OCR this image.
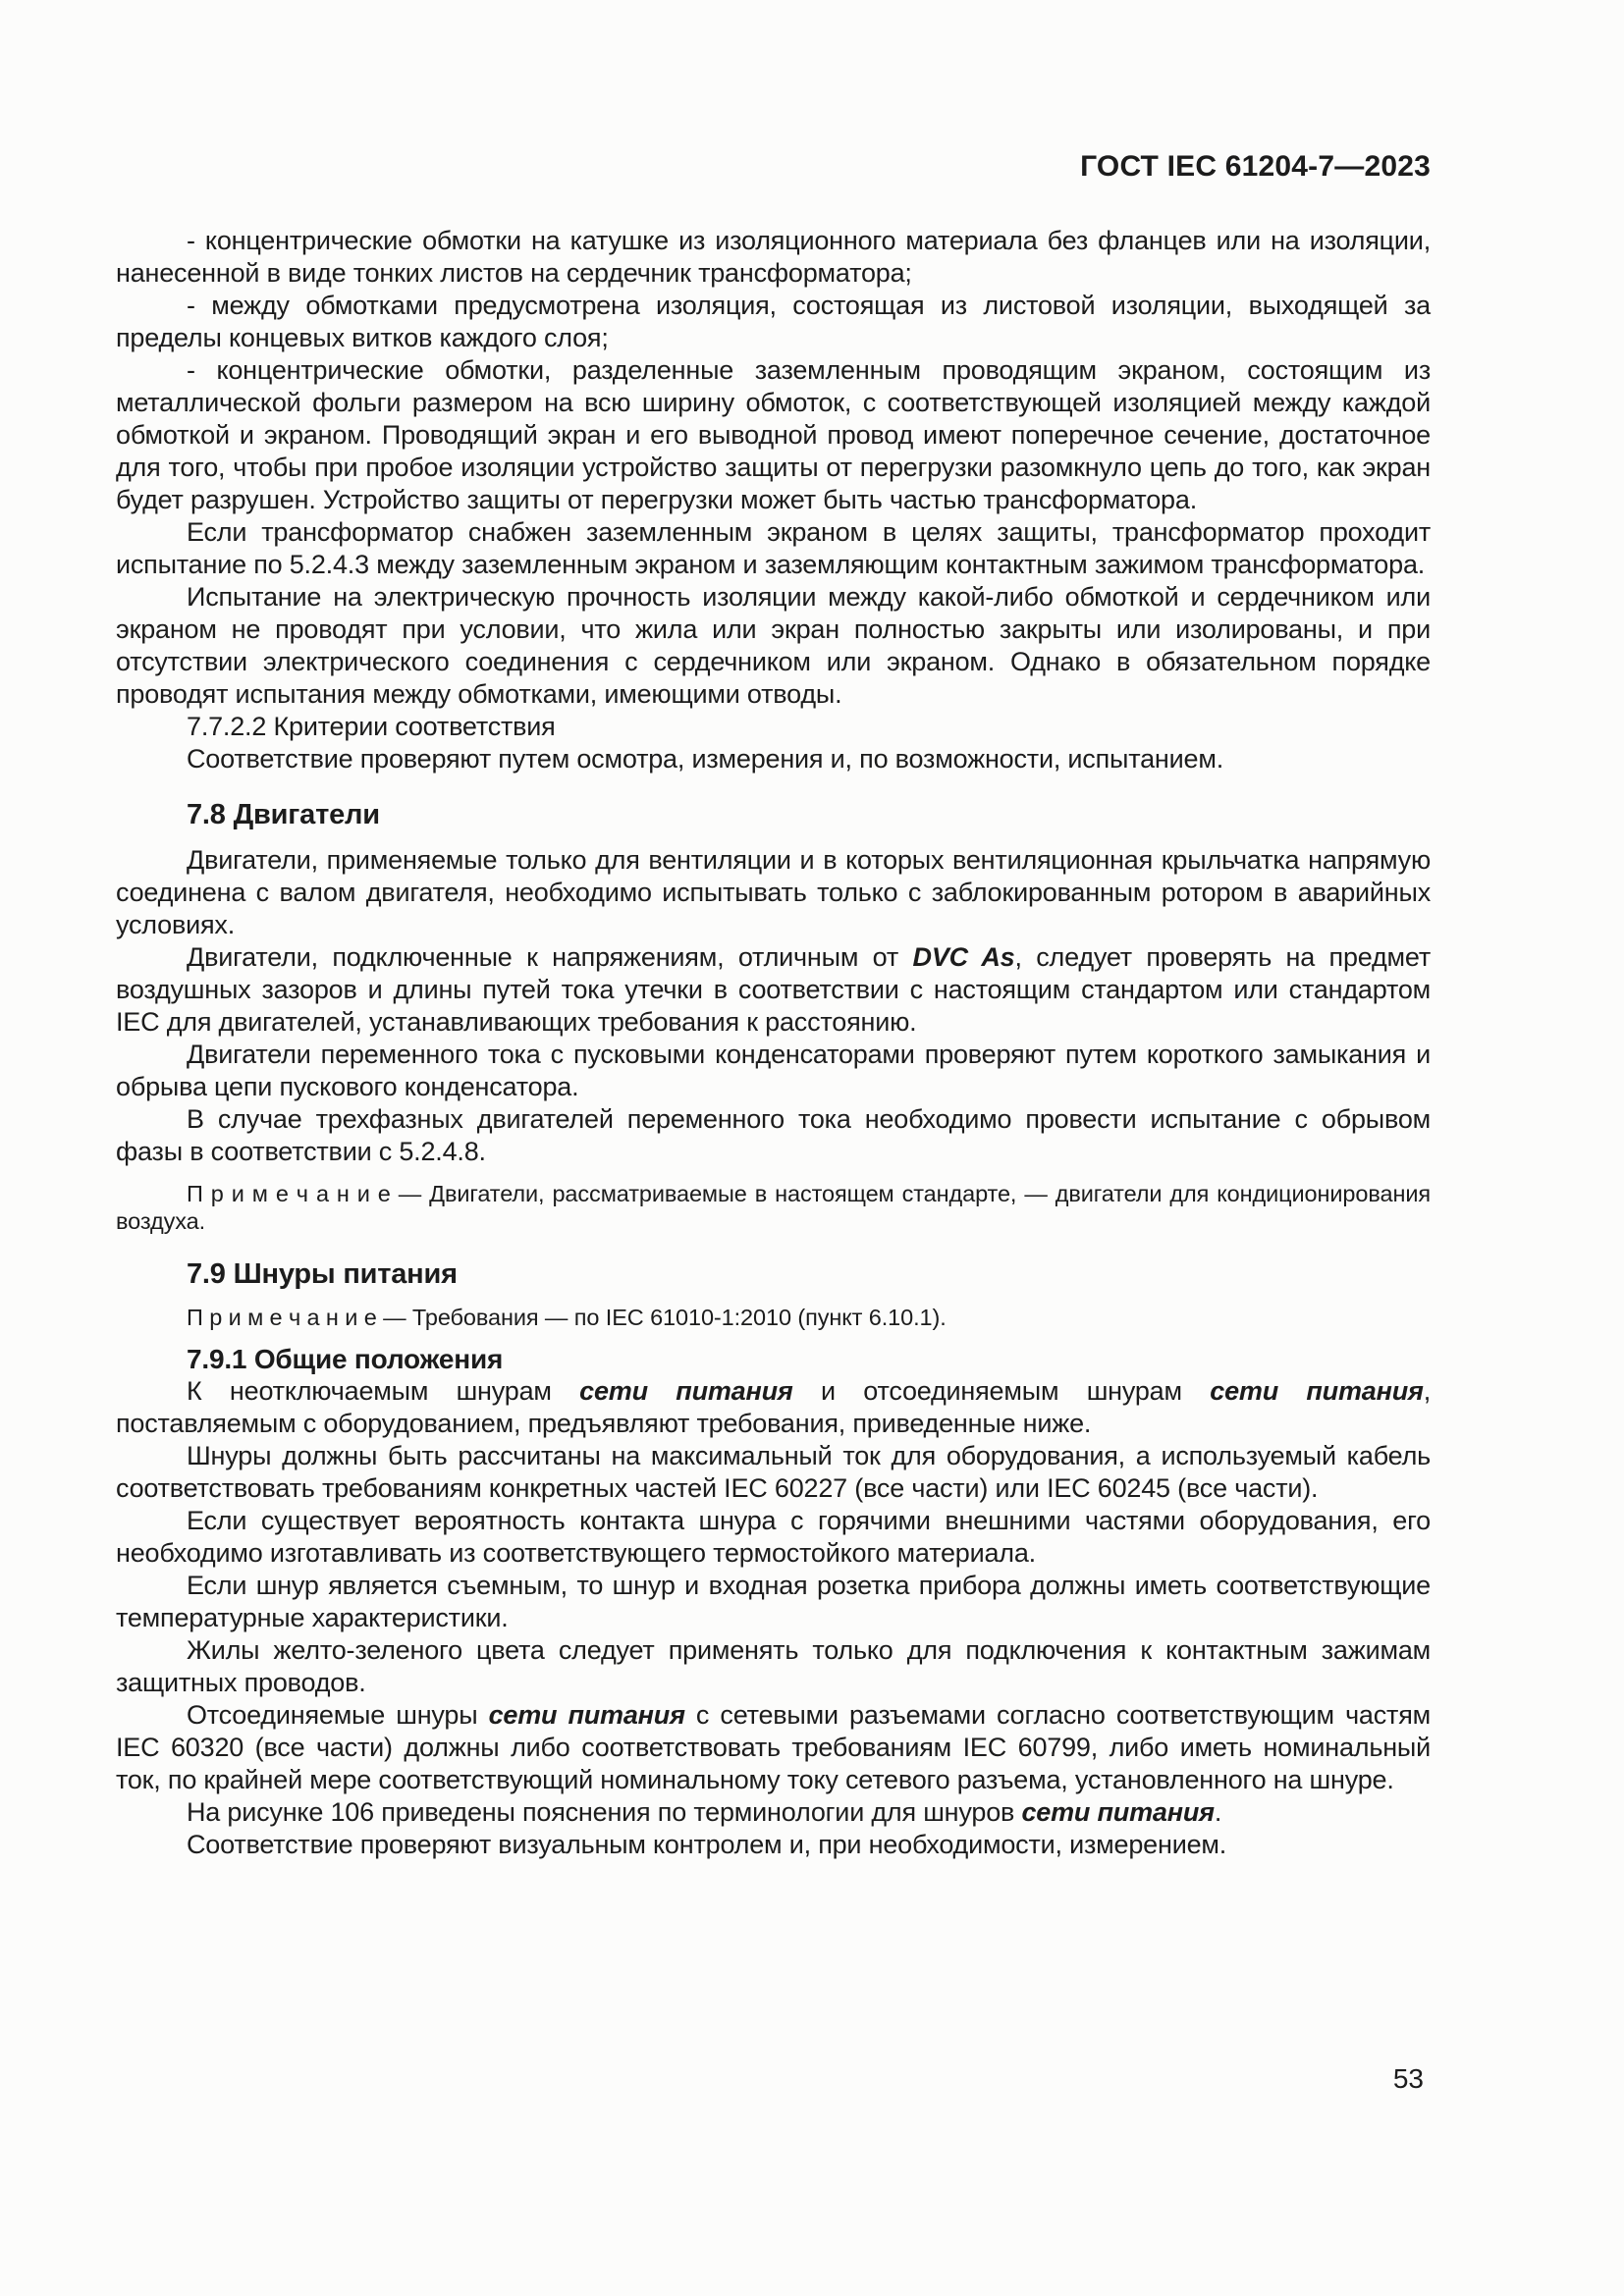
ГОСТ IEC 61204-7—2023
- концентрические обмотки на катушке из изоляционного материала без фланцев или на изоляции, нанесенной в виде тонких листов на сердечник трансформатора;
- между обмотками предусмотрена изоляция, состоящая из листовой изоляции, выходящей за пределы концевых витков каждого слоя;
- концентрические обмотки, разделенные заземленным проводящим экраном, состоящим из металлической фольги размером на всю ширину обмоток, с соответствующей изоляцией между каждой обмоткой и экраном. Проводящий экран и его выводной провод имеют поперечное сечение, достаточное для того, чтобы при пробое изоляции устройство защиты от перегрузки разомкнуло цепь до того, как экран будет разрушен. Устройство защиты от перегрузки может быть частью трансформатора.
Если трансформатор снабжен заземленным экраном в целях защиты, трансформатор проходит испытание по 5.2.4.3 между заземленным экраном и заземляющим контактным зажимом трансформатора.
Испытание на электрическую прочность изоляции между какой-либо обмоткой и сердечником или экраном не проводят при условии, что жила или экран полностью закрыты или изолированы, и при отсутствии электрического соединения с сердечником или экраном. Однако в обязательном порядке проводят испытания между обмотками, имеющими отводы.
7.7.2.2 Критерии соответствия
Соответствие проверяют путем осмотра, измерения и, по возможности, испытанием.
7.8 Двигатели
Двигатели, применяемые только для вентиляции и в которых вентиляционная крыльчатка напрямую соединена с валом двигателя, необходимо испытывать только с заблокированным ротором в аварийных условиях.
Двигатели, подключенные к напряжениям, отличным от DVC As, следует проверять на предмет воздушных зазоров и длины путей тока утечки в соответствии с настоящим стандартом или стандартом IEC для двигателей, устанавливающих требования к расстоянию.
Двигатели переменного тока с пусковыми конденсаторами проверяют путем короткого замыкания и обрыва цепи пускового конденсатора.
В случае трехфазных двигателей переменного тока необходимо провести испытание с обрывом фазы в соответствии с 5.2.4.8.
П р и м е ч а н и е — Двигатели, рассматриваемые в настоящем стандарте, — двигатели для кондиционирования воздуха.
7.9 Шнуры питания
П р и м е ч а н и е — Требования — по IEC 61010-1:2010 (пункт 6.10.1).
7.9.1 Общие положения
К неотключаемым шнурам сети питания и отсоединяемым шнурам сети питания, поставляемым с оборудованием, предъявляют требования, приведенные ниже.
Шнуры должны быть рассчитаны на максимальный ток для оборудования, а используемый кабель соответствовать требованиям конкретных частей IEC 60227 (все части) или IEC 60245 (все части).
Если существует вероятность контакта шнура с горячими внешними частями оборудования, его необходимо изготавливать из соответствующего термостойкого материала.
Если шнур является съемным, то шнур и входная розетка прибора должны иметь соответствующие температурные характеристики.
Жилы желто-зеленого цвета следует применять только для подключения к контактным зажимам защитных проводов.
Отсоединяемые шнуры сети питания с сетевыми разъемами согласно соответствующим частям IEC 60320 (все части) должны либо соответствовать требованиям IEC 60799, либо иметь номинальный ток, по крайней мере соответствующий номинальному току сетевого разъема, установленного на шнуре.
На рисунке 106 приведены пояснения по терминологии для шнуров сети питания.
Соответствие проверяют визуальным контролем и, при необходимости, измерением.
53
